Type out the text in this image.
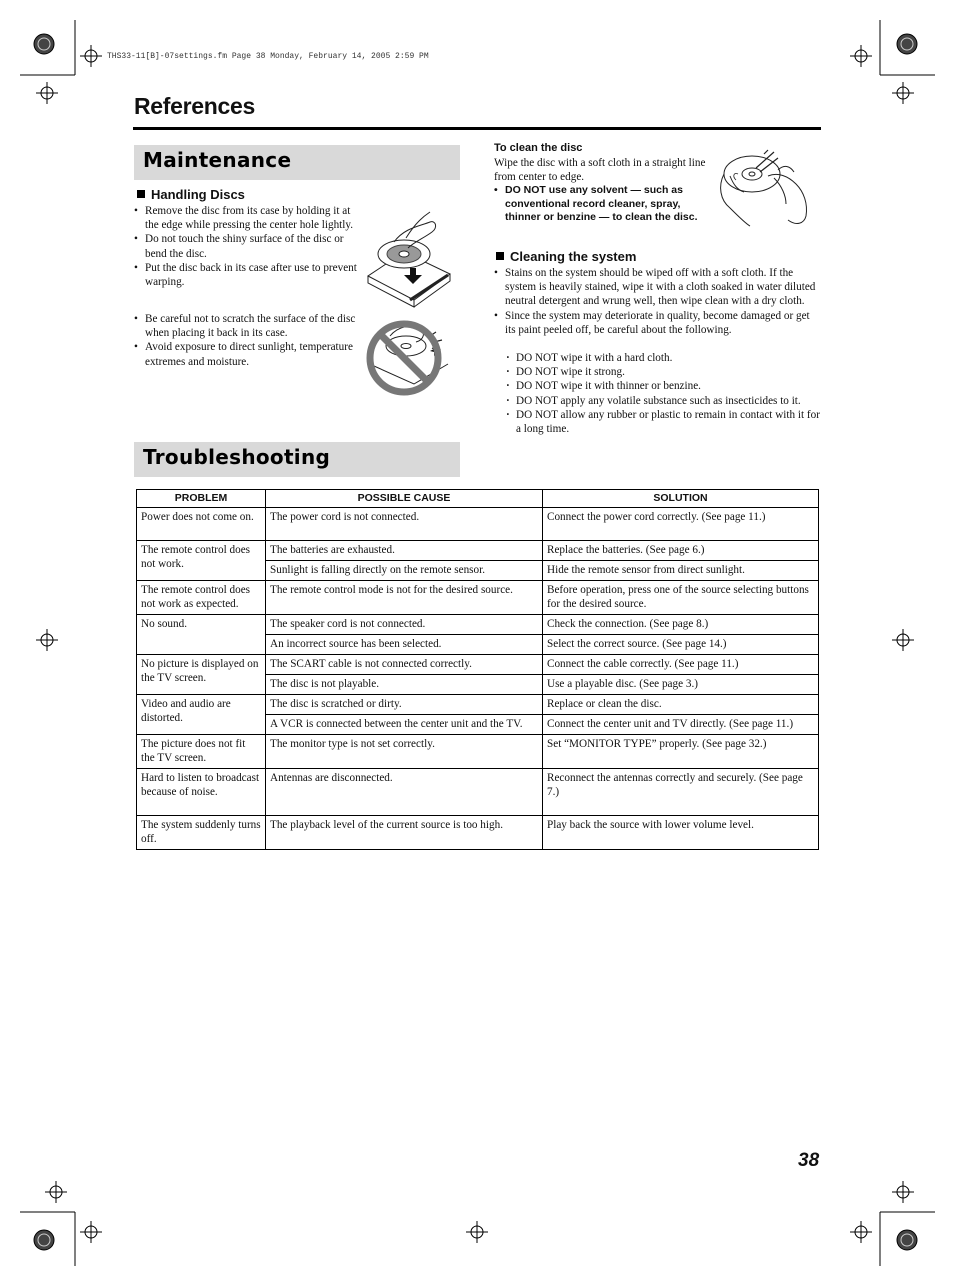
THS33-11[B]-07settings.fm Page 38 Monday, February 14, 2005 2:59 PM
References
Maintenance
Handling Discs
• Remove the disc from its case by holding it at the edge while pressing the center hole lightly.
• Do not touch the shiny surface of the disc or bend the disc.
• Put the disc back in its case after use to prevent warping.
• Be careful not to scratch the surface of the disc when placing it back in its case.
• Avoid exposure to direct sunlight, temperature extremes and moisture.
To clean the disc
Wipe the disc with a soft cloth in a straight line from center to edge.
• DO NOT use any solvent — such as conventional record cleaner, spray, thinner or benzine — to clean the disc.
Cleaning the system
• Stains on the system should be wiped off with a soft cloth. If the system is heavily stained, wipe it with a cloth soaked in water diluted neutral detergent and wrung well, then wipe clean with a dry cloth.
• Since the system may deteriorate in quality, become damaged or get its paint peeled off, be careful about the following.
· DO NOT wipe it with a hard cloth.
· DO NOT wipe it strong.
· DO NOT wipe it with thinner or benzine.
· DO NOT apply any volatile substance such as insecticides to it.
· DO NOT allow any rubber or plastic to remain in contact with it for a long time.
Troubleshooting
PROBLEM	POSSIBLE CAUSE	SOLUTION
Power does not come on.	The power cord is not connected.	Connect the power cord correctly. (See page 11.)
The remote control does not work.	The batteries are exhausted.	Replace the batteries. (See page 6.)
	Sunlight is falling directly on the remote sensor.	Hide the remote sensor from direct sunlight.
The remote control does not work as expected.	The remote control mode is not for the desired source.	Before operation, press one of the source selecting buttons for the desired source.
No sound.	The speaker cord is not connected.	Check the connection. (See page 8.)
	An incorrect source has been selected.	Select the correct source. (See page 14.)
No picture is displayed on the TV screen.	The SCART cable is not connected correctly.	Connect the cable correctly. (See page 11.)
	The disc is not playable.	Use a playable disc. (See page 3.)
Video and audio are distorted.	The disc is scratched or dirty.	Replace or clean the disc.
	A VCR is connected between the center unit and the TV.	Connect the center unit and TV directly. (See page 11.)
The picture does not fit the TV screen.	The monitor type is not set correctly.	Set “MONITOR TYPE” properly. (See page 32.)
Hard to listen to broadcast because of noise.	Antennas are disconnected.	Reconnect the antennas correctly and securely. (See page 7.)
The system suddenly turns off.	The playback level of the current source is too high.	Play back the source with lower volume level.
38
